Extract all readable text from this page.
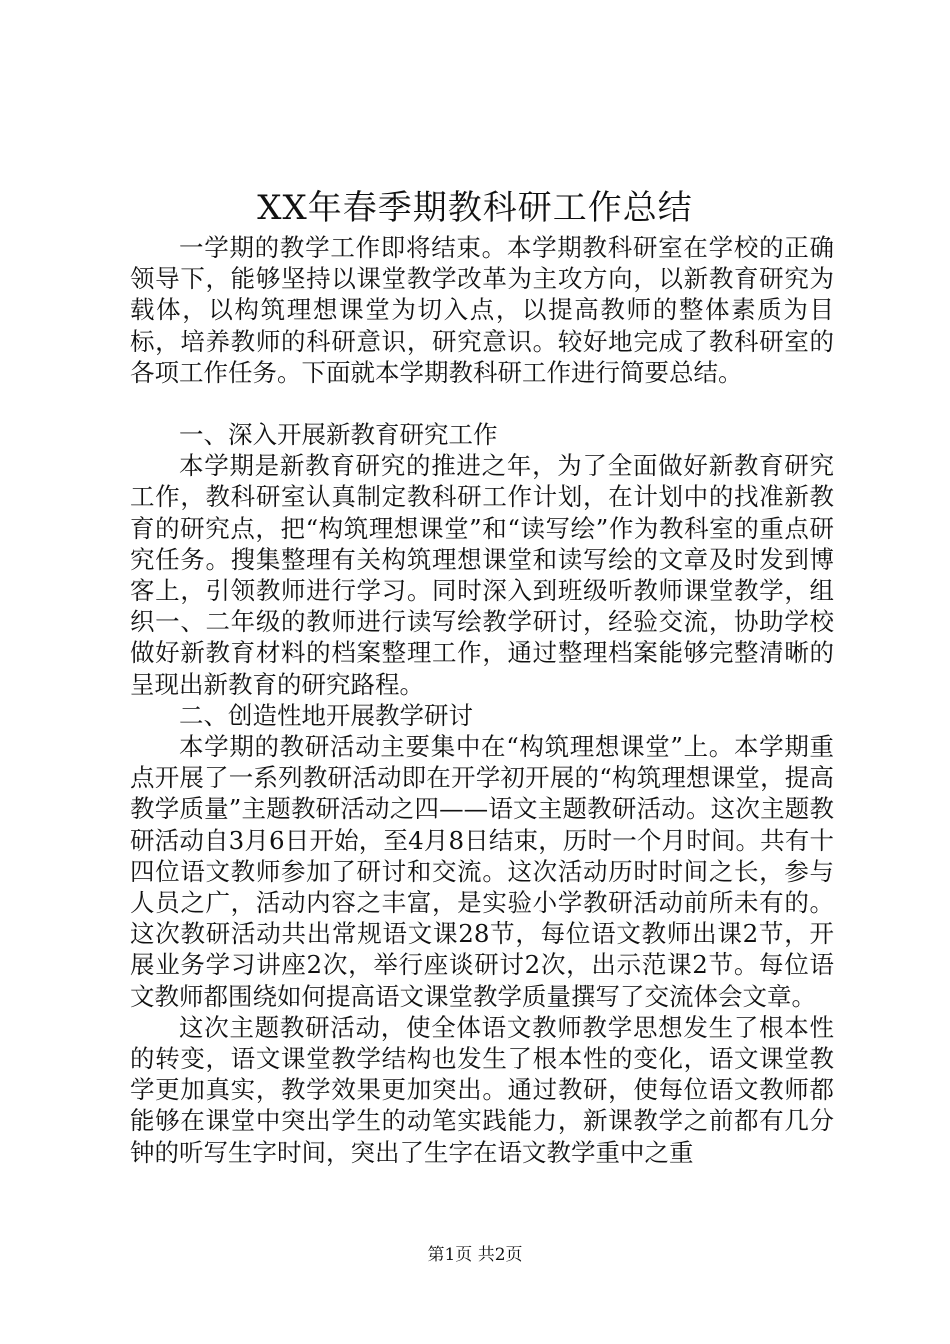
XX年春季期教科研工作总结

一学期的教学工作即将结束。本学期教科研室在学校的正确领导下，能够坚持以课堂教学改革为主攻方向，以新教育研究为载体，以构筑理想课堂为切入点，以提高教师的整体素质为目标，培养教师的科研意识，研究意识。较好地完成了教科研室的各项工作任务。下面就本学期教科研工作进行简要总结。

一、深入开展新教育研究工作

本学期是新教育研究的推进之年，为了全面做好新教育研究工作，教科研室认真制定教科研工作计划，在计划中的找准新教育的研究点，把“构筑理想课堂”和“读写绘”作为教科室的重点研究任务。搜集整理有关构筑理想课堂和读写绘的文章及时发到博客上，引领教师进行学习。同时深入到班级听教师课堂教学，组织一、二年级的教师进行读写绘教学研讨，经验交流，协助学校做好新教育材料的档案整理工作，通过整理档案能够完整清晰的呈现出新教育的研究路程。

二、创造性地开展教学研讨

本学期的教研活动主要集中在“构筑理想课堂”上。本学期重点开展了一系列教研活动即在开学初开展的“构筑理想课堂，提高教学质量”主题教研活动之四——语文主题教研活动。这次主题教研活动自3月6日开始，至4月8日结束，历时一个月时间。共有十四位语文教师参加了研讨和交流。这次活动历时时间之长，参与人员之广，活动内容之丰富，是实验小学教研活动前所未有的。这次教研活动共出常规语文课28节，每位语文教师出课2节，开展业务学习讲座2次，举行座谈研讨2次，出示范课2节。每位语文教师都围绕如何提高语文课堂教学质量撰写了交流体会文章。

这次主题教研活动，使全体语文教师教学思想发生了根本性的转变，语文课堂教学结构也发生了根本性的变化，语文课堂教学更加真实，教学效果更加突出。通过教研，使每位语文教师都能够在课堂中突出学生的动笔实践能力，新课教学之前都有几分钟的听写生字时间，突出了生字在语文教学重中之重

第1页 共2页
